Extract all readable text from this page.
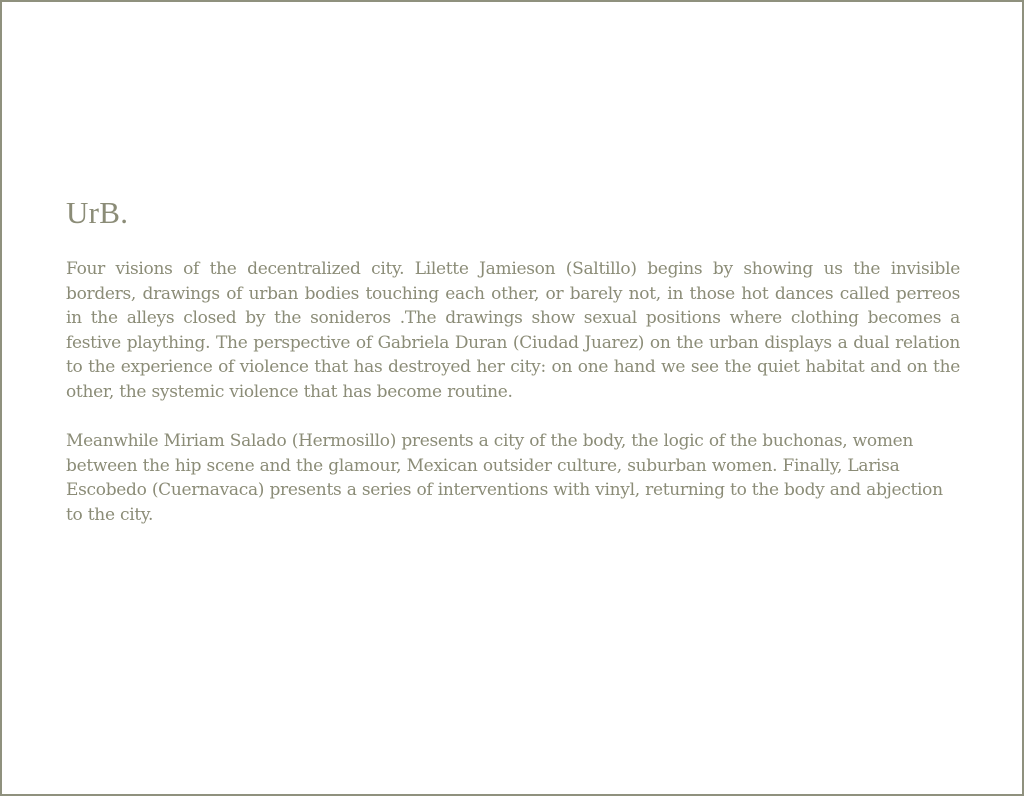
UrB.

Four visions of the decentralized city. Lilette Jamieson (Saltillo) begins by showing us the invisible borders, drawings of urban bodies touching each other, or barely not, in those hot dances called perreos in the alleys closed by the sonideros .The drawings show sexual positions where clothing becomes a festive plaything. The perspective of Gabriela Duran (Ciudad Juarez) on the urban displays a dual relation to the experience of violence that has destroyed her city: on one hand we see the quiet habitat and on the other, the systemic violence that has become routine.

Meanwhile Miriam Salado (Hermosillo) presents a city of the body, the logic of the buchonas, women between the hip scene and the glamour, Mexican outsider culture, suburban women. Finally, Larisa Escobedo (Cuernavaca) presents a series of interventions with vinyl, returning to the body and abjection to the city.
